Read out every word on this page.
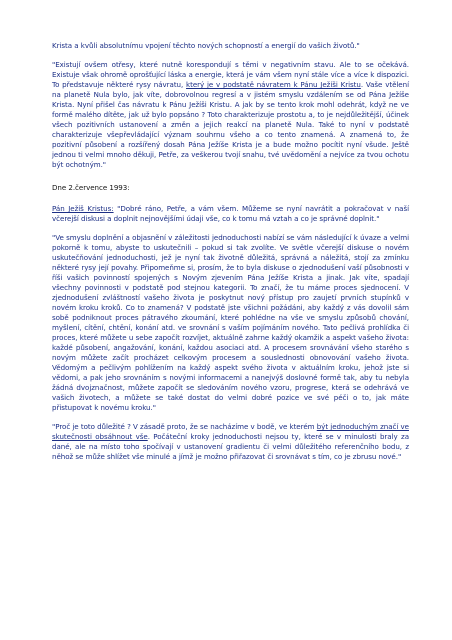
Krista a kvůli absolutnímu vpojení těchto nových schopností a energií do vašich životů."

"Existují ovšem otřesy, které nutně korespondují s těmi v negativním stavu. Ale to se očekává. Existuje však ohromě oprošťující láska a energie, která je vám všem nyní stále více a více k dispozici. To představuje některé rysy návratu, který je v podstatě návratem k Pánu Ježíši Kristu. Vaše vtělení na planetě Nula bylo, jak víte, dobrovolnou regresí a v jistém smyslu vzdálením se od Pána Ježíše Krista. Nyní přišel čas návratu k Pánu Ježíši Kristu. A jak by se tento krok mohl odehrát, když ne ve formě malého dítěte, jak už bylo popsáno ? Toto charakterizuje prostotu a, to je nejdůležitější, účinek všech pozitivních ustanovení a změn a jejich reakcí na planetě Nula. Také to nyní v podstatě charakterizuje všepřevládající význam souhrnu všeho a co tento znamená. A znamená to, že pozitivní působení a rozšířený dosah Pána Ježíše Krista je a bude možno pocítit nyní všude. Ještě jednou ti velmi mnoho děkuji, Petře, za veškerou tvojí snahu, tvé uvědomění a nejvíce za tvou ochotu být ochotným."

Dne 2.července 1993:

Pán Ježíš Kristus: "Dobré ráno, Petře, a vám všem. Můžeme se nyní navrátit a pokračovat v naší včerejší diskusi a doplnit nejnovějšími údaji vše, co k tomu má vztah a co je správné doplnit."

"Ve smyslu doplnění a objasnění v záležitosti jednoduchosti nabízí se vám následující k úvaze a velmi pokorně k tomu, abyste to uskutečnili – pokud si tak zvolíte. Ve světle včerejší diskuse o novém uskutečňování jednoduchosti, jež je nyní tak životně důležitá, správná a náležitá, stojí za zmínku některé rysy její povahy. Připomeňme si, prosím, že to byla diskuse o zjednodušení vaší působnosti v říši vašich povinností spojených s Novým zjevením Pána Ježíše Krista a jinak. Jak víte, spadají všechny povinnosti v podstatě pod stejnou kategorii. To značí, že tu máme proces sjednocení. V zjednodušení zvláštností vašeho života je poskytnut nový přístup pro zaujetí prvních stupínků v novém kroku kroků. Co to znamená? V podstatě jste všichni požádáni, aby každý z vás dovolil sám sobě podniknout proces pátravého zkoumání, které pohlédne na vše ve smyslu způsobů chování, myšlení, cítění, chtění, konání atd. ve srovnání s vaším pojímáním nového. Tato pečlivá prohlídka či proces, které můžete u sebe započít rozvíjet, aktuálně zahrne každý okamžik a aspekt vašeho života: každé působení, angažování, konání, každou asociaci atd. A procesem srovnávání všeho starého s novým můžete začít procházet celkovým procesem a souslednosti obnovování vašeho života. Vědomým a pečlivým pohlížením na každý aspekt svého života v aktuálním kroku, jehož jste si vědomi, a pak jeho srovnáním s novými informacemi a nanejvýš doslovné formě tak, aby tu nebyla žádná dvojznačnost, můžete započít se sledováním nového vzoru, progrese, která se odehrává ve vašich životech, a můžete se také dostat do velmi dobré pozice ve své péči o to, jak máte přistupovat k novému kroku."

"Proč je toto důležité ? V zásadě proto, že se nacházíme v bodě, ve kterém být jednoduchým značí ve skutečnosti obsáhnout vše. Počáteční kroky jednoduchosti nejsou ty, které se v minulosti braly za dané, ale na místo toho spočívají v ustanovení gradientu či velmi důležitého referenčního bodu, z něhož se může shlížet vše minulé a jímž je možno přiřazovat či srovnávat s tím, co je zbrusu nové."
